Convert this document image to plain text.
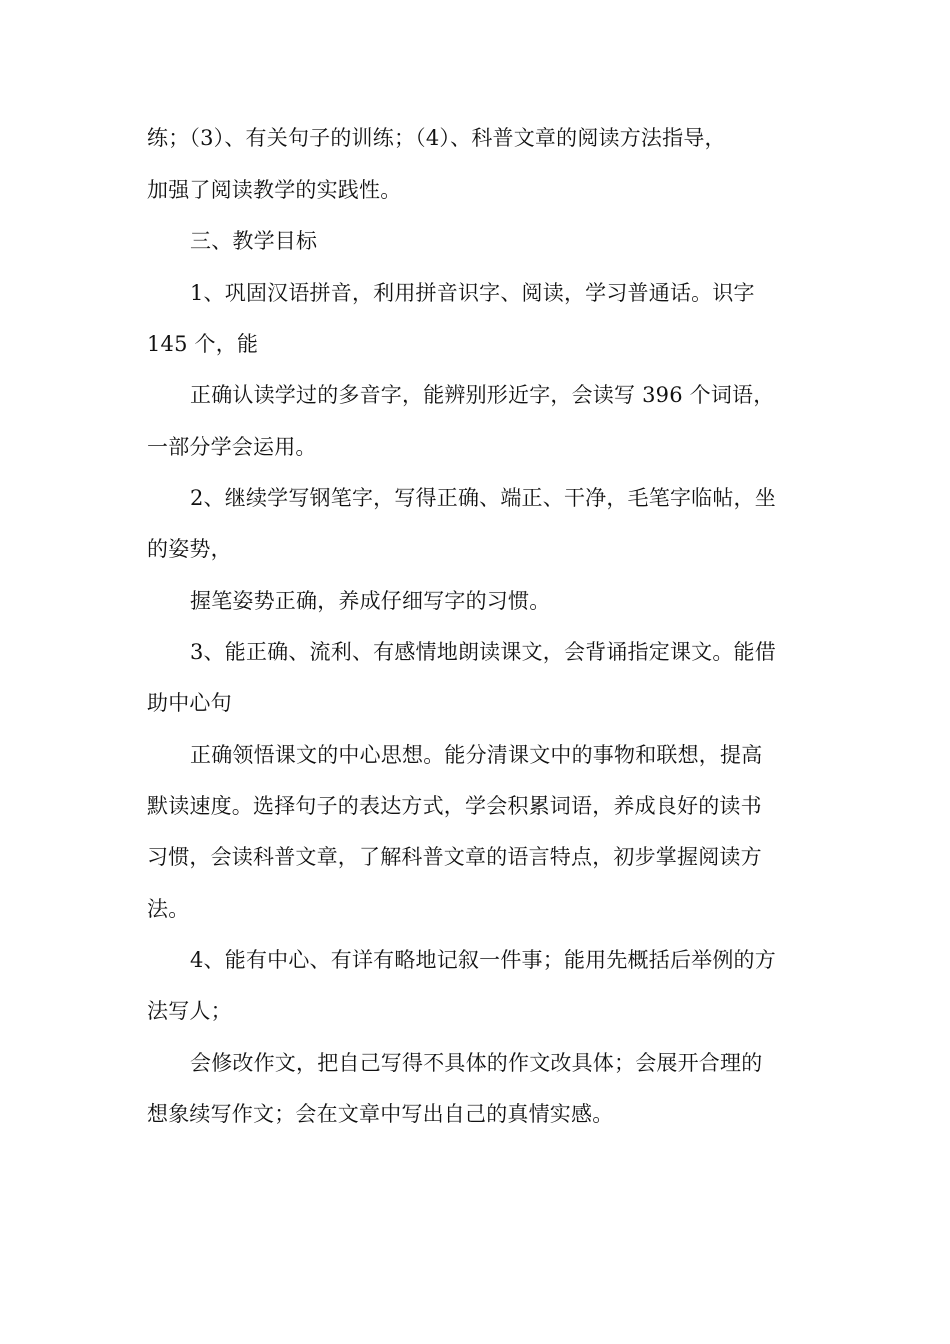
练；（3）、有关句子的训练；（4）、科普文章的阅读方法指导，
加强了阅读教学的实践性。
三、教学目标
1、巩固汉语拼音，利用拼音识字、阅读，学习普通话。识字
145 个，能
正确认读学过的多音字，能辨别形近字，会读写 396 个词语，
一部分学会运用。
2、继续学写钢笔字，写得正确、端正、干净，毛笔字临帖，坐
的姿势，
握笔姿势正确，养成仔细写字的习惯。
3、能正确、流利、有感情地朗读课文，会背诵指定课文。能借
助中心句
正确领悟课文的中心思想。能分清课文中的事物和联想，提高
默读速度。选择句子的表达方式，学会积累词语，养成良好的读书
习惯，会读科普文章，了解科普文章的语言特点，初步掌握阅读方
法。
4、能有中心、有详有略地记叙一件事；能用先概括后举例的方
法写人；
会修改作文，把自己写得不具体的作文改具体；会展开合理的
想象续写作文；会在文章中写出自己的真情实感。
